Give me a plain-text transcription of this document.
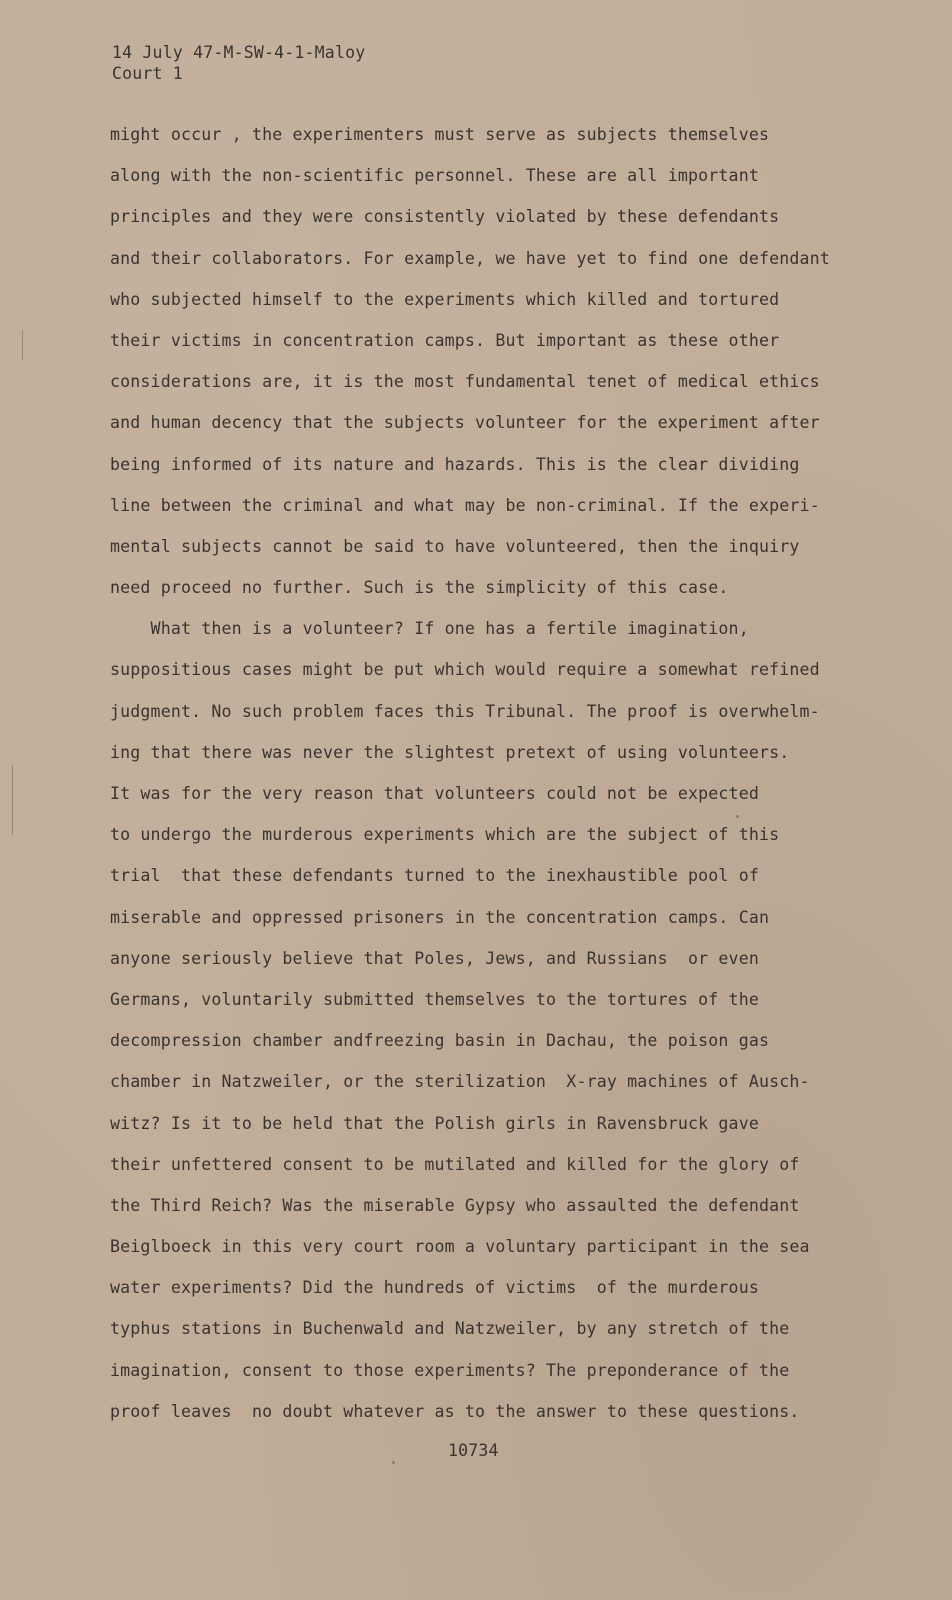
14 July 47-M-SW-4-1-Maloy
Court 1
might occur , the experimenters must serve as subjects themselves
along with the non-scientific personnel. These are all important
principles and they were consistently violated by these defendants
and their collaborators. For example, we have yet to find one defendant
who subjected himself to the experiments which killed and tortured
their victims in concentration camps. But important as these other
considerations are, it is the most fundamental tenet of medical ethics
and human decency that the subjects volunteer for the experiment after
being informed of its nature and hazards. This is the clear dividing
line between the criminal and what may be non-criminal. If the experi-
mental subjects cannot be said to have volunteered, then the inquiry
need proceed no further. Such is the simplicity of this case.
What then is a volunteer? If one has a fertile imagination,
suppositious cases might be put which would require a somewhat refined
judgment. No such problem faces this Tribunal. The proof is overwhelm-
ing that there was never the slightest pretext of using volunteers.
It was for the very reason that volunteers could not be expected
to undergo the murderous experiments which are the subject of this
trial  that these defendants turned to the inexhaustible pool of
miserable and oppressed prisoners in the concentration camps. Can
anyone seriously believe that Poles, Jews, and Russians  or even
Germans, voluntarily submitted themselves to the tortures of the
decompression chamber andfreezing basin in Dachau, the poison gas
chamber in Natzweiler, or the sterilization  X-ray machines of Ausch-
witz? Is it to be held that the Polish girls in Ravensbruck gave
their unfettered consent to be mutilated and killed for the glory of
the Third Reich? Was the miserable Gypsy who assaulted the defendant
Beiglboeck in this very court room a voluntary participant in the sea
water experiments? Did the hundreds of victims  of the murderous
typhus stations in Buchenwald and Natzweiler, by any stretch of the
imagination, consent to those experiments? The preponderance of the
proof leaves  no doubt whatever as to the answer to these questions.
10734
